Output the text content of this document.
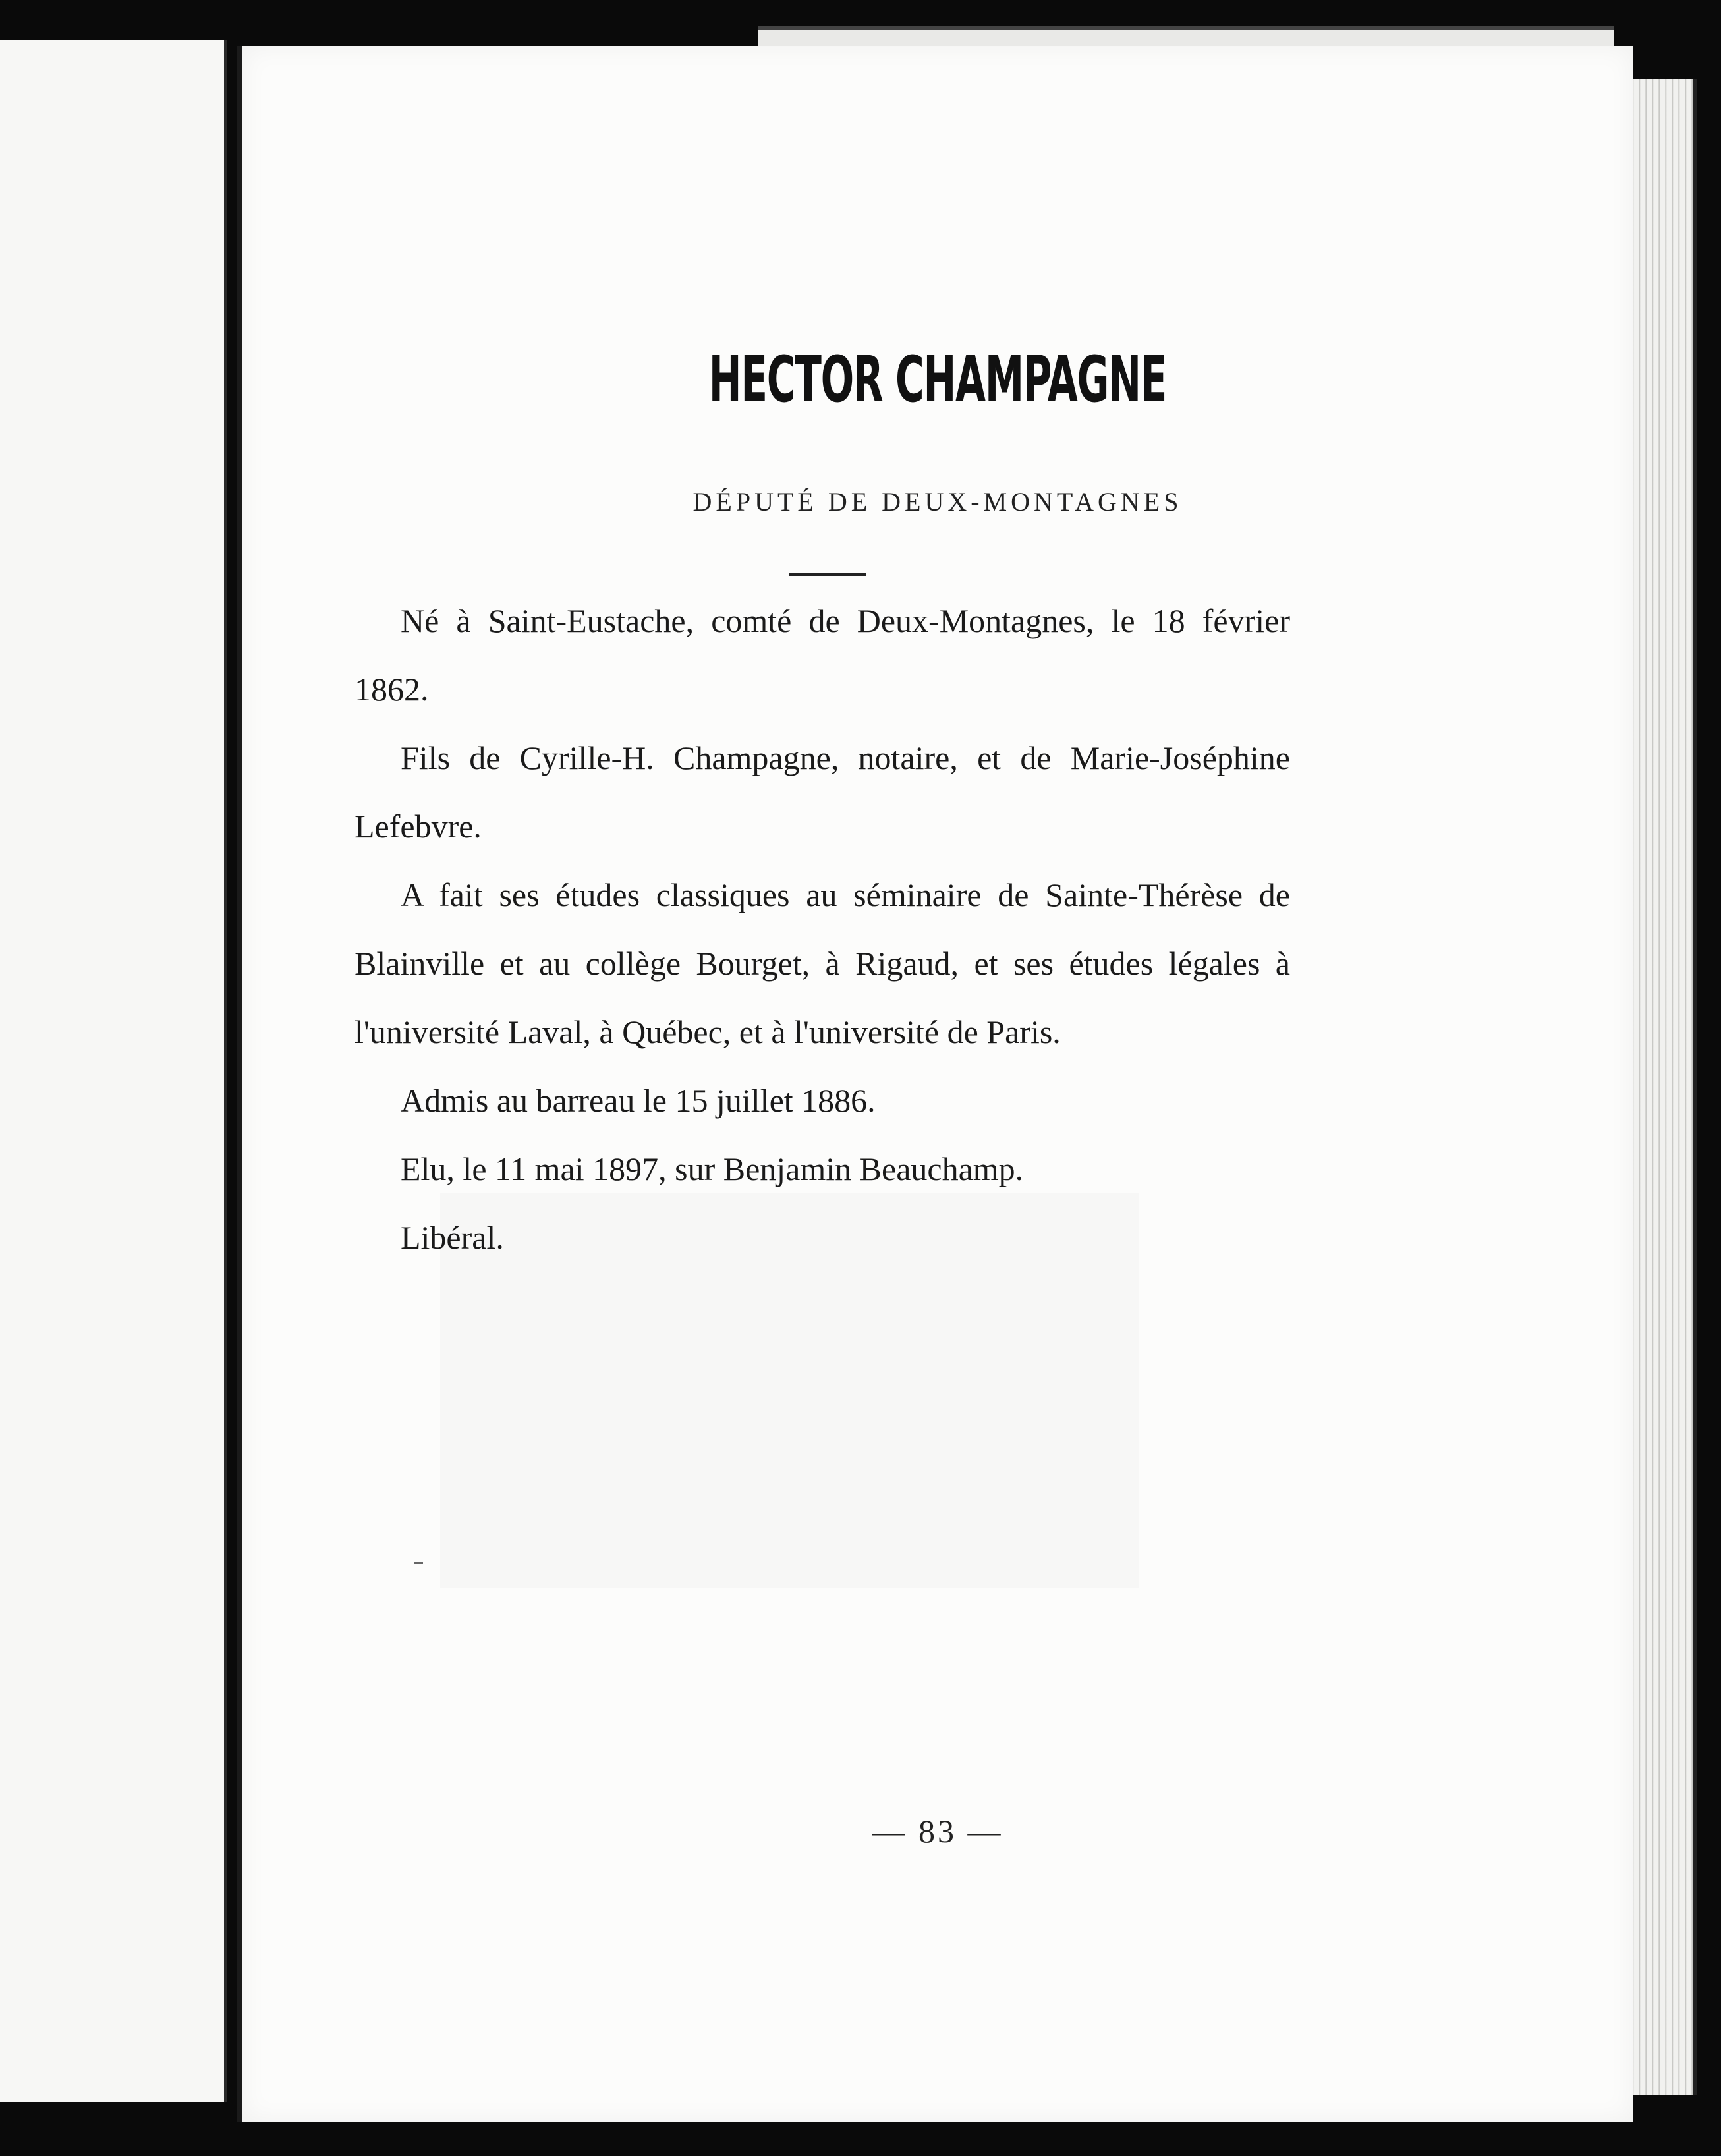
HECTOR CHAMPAGNE
DÉPUTÉ DE DEUX-MONTAGNES

Né à Saint-Eustache, comté de Deux-Montagnes, le 18 février 1862.

Fils de Cyrille-H. Champagne, notaire, et de Marie-Joséphine Lefebvre.

A fait ses études classiques au séminaire de Sainte-Thérèse de Blainville et au collège Bourget, à Rigaud, et ses études légales à l'université Laval, à Québec, et à l'université de Paris.

Admis au barreau le 15 juillet 1886.

Elu, le 11 mai 1897, sur Benjamin Beauchamp.

Libéral.

— 83 —
